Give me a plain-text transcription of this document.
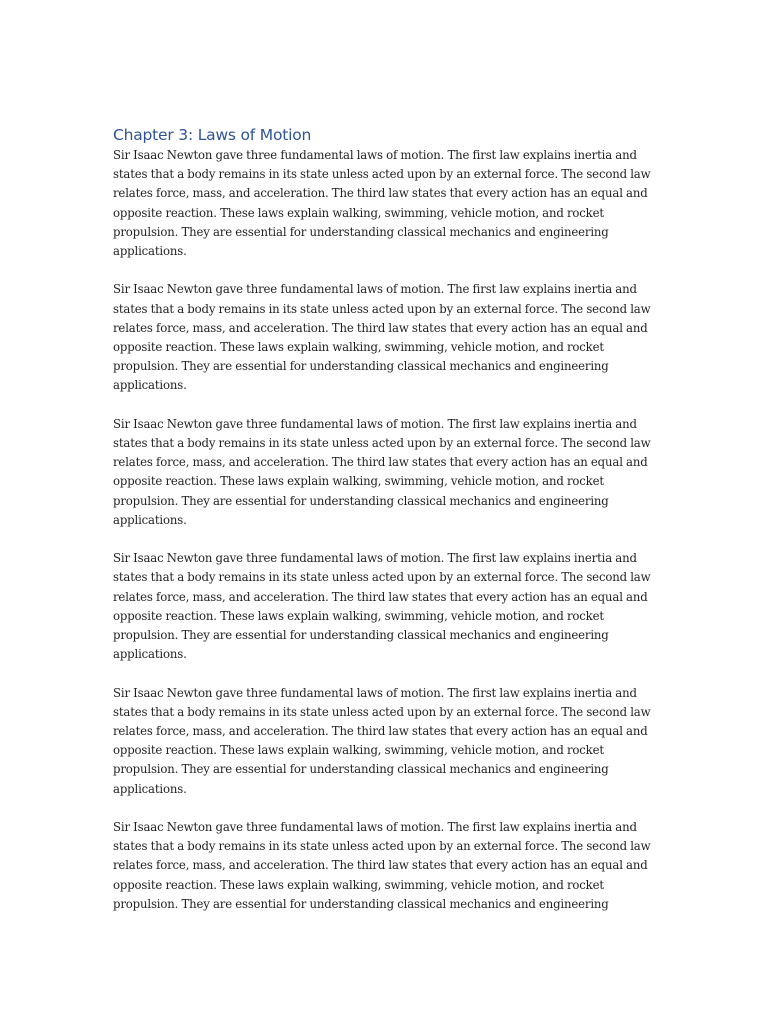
Chapter 3: Laws of Motion

Sir Isaac Newton gave three fundamental laws of motion. The first law explains inertia and states that a body remains in its state unless acted upon by an external force. The second law relates force, mass, and acceleration. The third law states that every action has an equal and opposite reaction. These laws explain walking, swimming, vehicle motion, and rocket propulsion. They are essential for understanding classical mechanics and engineering applications.

Sir Isaac Newton gave three fundamental laws of motion. The first law explains inertia and states that a body remains in its state unless acted upon by an external force. The second law relates force, mass, and acceleration. The third law states that every action has an equal and opposite reaction. These laws explain walking, swimming, vehicle motion, and rocket propulsion. They are essential for understanding classical mechanics and engineering applications.

Sir Isaac Newton gave three fundamental laws of motion. The first law explains inertia and states that a body remains in its state unless acted upon by an external force. The second law relates force, mass, and acceleration. The third law states that every action has an equal and opposite reaction. These laws explain walking, swimming, vehicle motion, and rocket propulsion. They are essential for understanding classical mechanics and engineering applications.

Sir Isaac Newton gave three fundamental laws of motion. The first law explains inertia and states that a body remains in its state unless acted upon by an external force. The second law relates force, mass, and acceleration. The third law states that every action has an equal and opposite reaction. These laws explain walking, swimming, vehicle motion, and rocket propulsion. They are essential for understanding classical mechanics and engineering applications.

Sir Isaac Newton gave three fundamental laws of motion. The first law explains inertia and states that a body remains in its state unless acted upon by an external force. The second law relates force, mass, and acceleration. The third law states that every action has an equal and opposite reaction. These laws explain walking, swimming, vehicle motion, and rocket propulsion. They are essential for understanding classical mechanics and engineering applications.

Sir Isaac Newton gave three fundamental laws of motion. The first law explains inertia and states that a body remains in its state unless acted upon by an external force. The second law relates force, mass, and acceleration. The third law states that every action has an equal and opposite reaction. These laws explain walking, swimming, vehicle motion, and rocket propulsion. They are essential for understanding classical mechanics and engineering
